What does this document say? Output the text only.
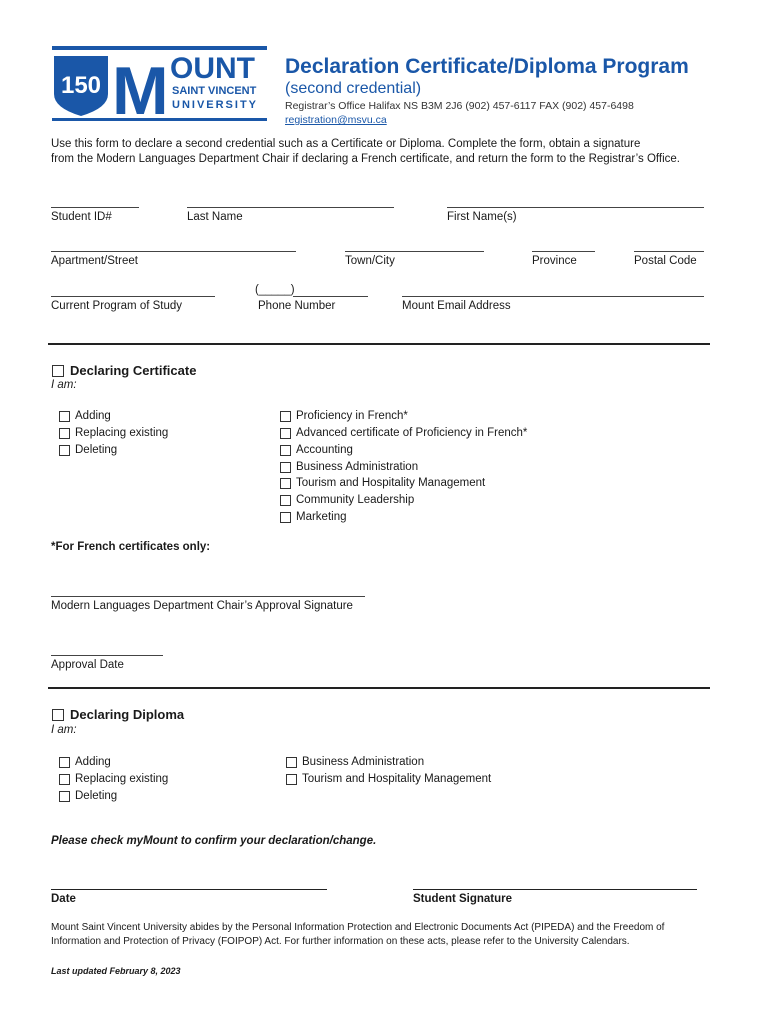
150 M OUNT
SAINT VINCENT
UNIVERSITY
Declaration Certificate/Diploma Program
(second credential)
Registrar’s Office Halifax NS B3M 2J6 (902) 457-6117 FAX (902) 457-6498
registration@msvu.ca
Use this form to declare a second credential such as a Certificate or Diploma. Complete the form, obtain a signature
from the Modern Languages Department Chair if declaring a French certificate, and return the form to the Registrar’s Office.
Student ID#	Last Name	First Name(s)
Apartment/Street	Town/City	Province	Postal Code
(_____)
Current Program of Study	Phone Number	Mount Email Address
Declaring Certificate
I am:
Adding
Replacing existing
Deleting
Proficiency in French*
Advanced certificate of Proficiency in French*
Accounting
Business Administration
Tourism and Hospitality Management
Community Leadership
Marketing
*For French certificates only:
Modern Languages Department Chair’s Approval Signature
Approval Date
Declaring Diploma
I am:
Adding
Replacing existing
Deleting
Business Administration
Tourism and Hospitality Management
Please check myMount to confirm your declaration/change.
Date	Student Signature
Mount Saint Vincent University abides by the Personal Information Protection and Electronic Documents Act (PIPEDA) and the Freedom of
Information and Protection of Privacy (FOIPOP) Act. For further information on these acts, please refer to the University Calendars.
Last updated February 8, 2023
